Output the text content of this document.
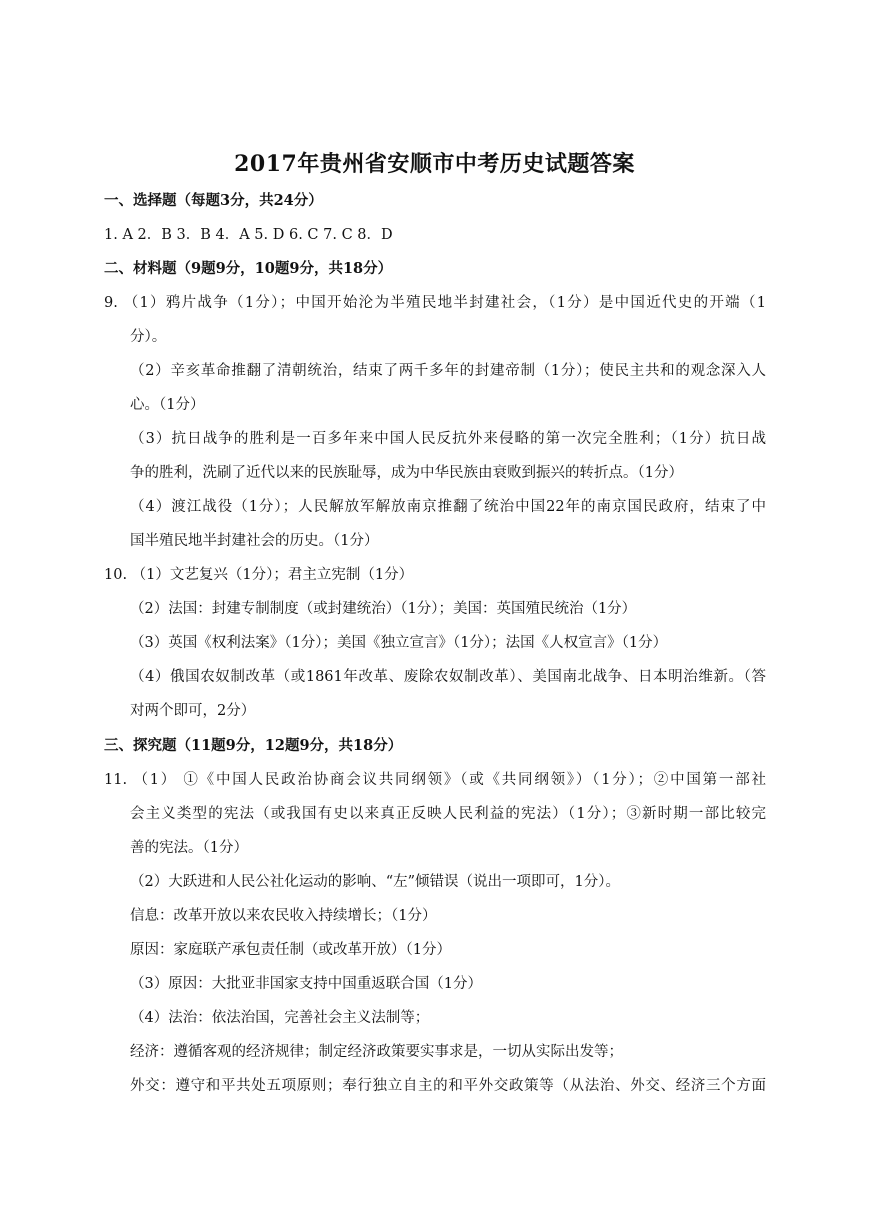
2017年贵州省安顺市中考历史试题答案
一、选择题（每题3分，共24分）
1. A 2．B 3．B 4．A 5. D 6. C 7. C 8．D
二、材料题（9题9分，10题9分，共18分）
9. （1）鸦片战争（1分）；中国开始沦为半殖民地半封建社会，（1分）是中国近代史的开端（1
分）。
（2）辛亥革命推翻了清朝统治，结束了两千多年的封建帝制（1分）；使民主共和的观念深入人
心。（1分）
（3）抗日战争的胜利是一百多年来中国人民反抗外来侵略的第一次完全胜利；（1分）抗日战
争的胜利，洗刷了近代以来的民族耻辱，成为中华民族由衰败到振兴的转折点。（1分）
（4）渡江战役（1分）；人民解放军解放南京推翻了统治中国22年的南京国民政府，结束了中
国半殖民地半封建社会的历史。（1分）
10. （1）文艺复兴（1分）；君主立宪制（1分）
（2）法国：封建专制制度（或封建统治）（1分）；美国：英国殖民统治（1分）
（3）英国《权利法案》（1分）；美国《独立宣言》（1分）；法国《人权宣言》（1分）
（4）俄国农奴制改革（或1861年改革、废除农奴制改革）、美国南北战争、日本明治维新。（答
对两个即可，2分）
三、探究题（11题9分，12题9分，共18分）
11. （1） ①《中国人民政治协商会议共同纲领》（或《共同纲领》）（1分）；②中国第一部社
会主义类型的宪法（或我国有史以来真正反映人民利益的宪法）（1分）；③新时期一部比较完
善的宪法。（1分）
（2）大跃进和人民公社化运动的影响、“左”倾错误（说出一项即可，1分）。
信息：改革开放以来农民收入持续增长；（1分）
原因：家庭联产承包责任制（或改革开放）（1分）
（3）原因：大批亚非国家支持中国重返联合国（1分）
（4）法治：依法治国，完善社会主义法制等；
经济：遵循客观的经济规律；制定经济政策要实事求是，一切从实际出发等；
外交：遵守和平共处五项原则；奉行独立自主的和平外交政策等（从法治、外交、经济三个方面
